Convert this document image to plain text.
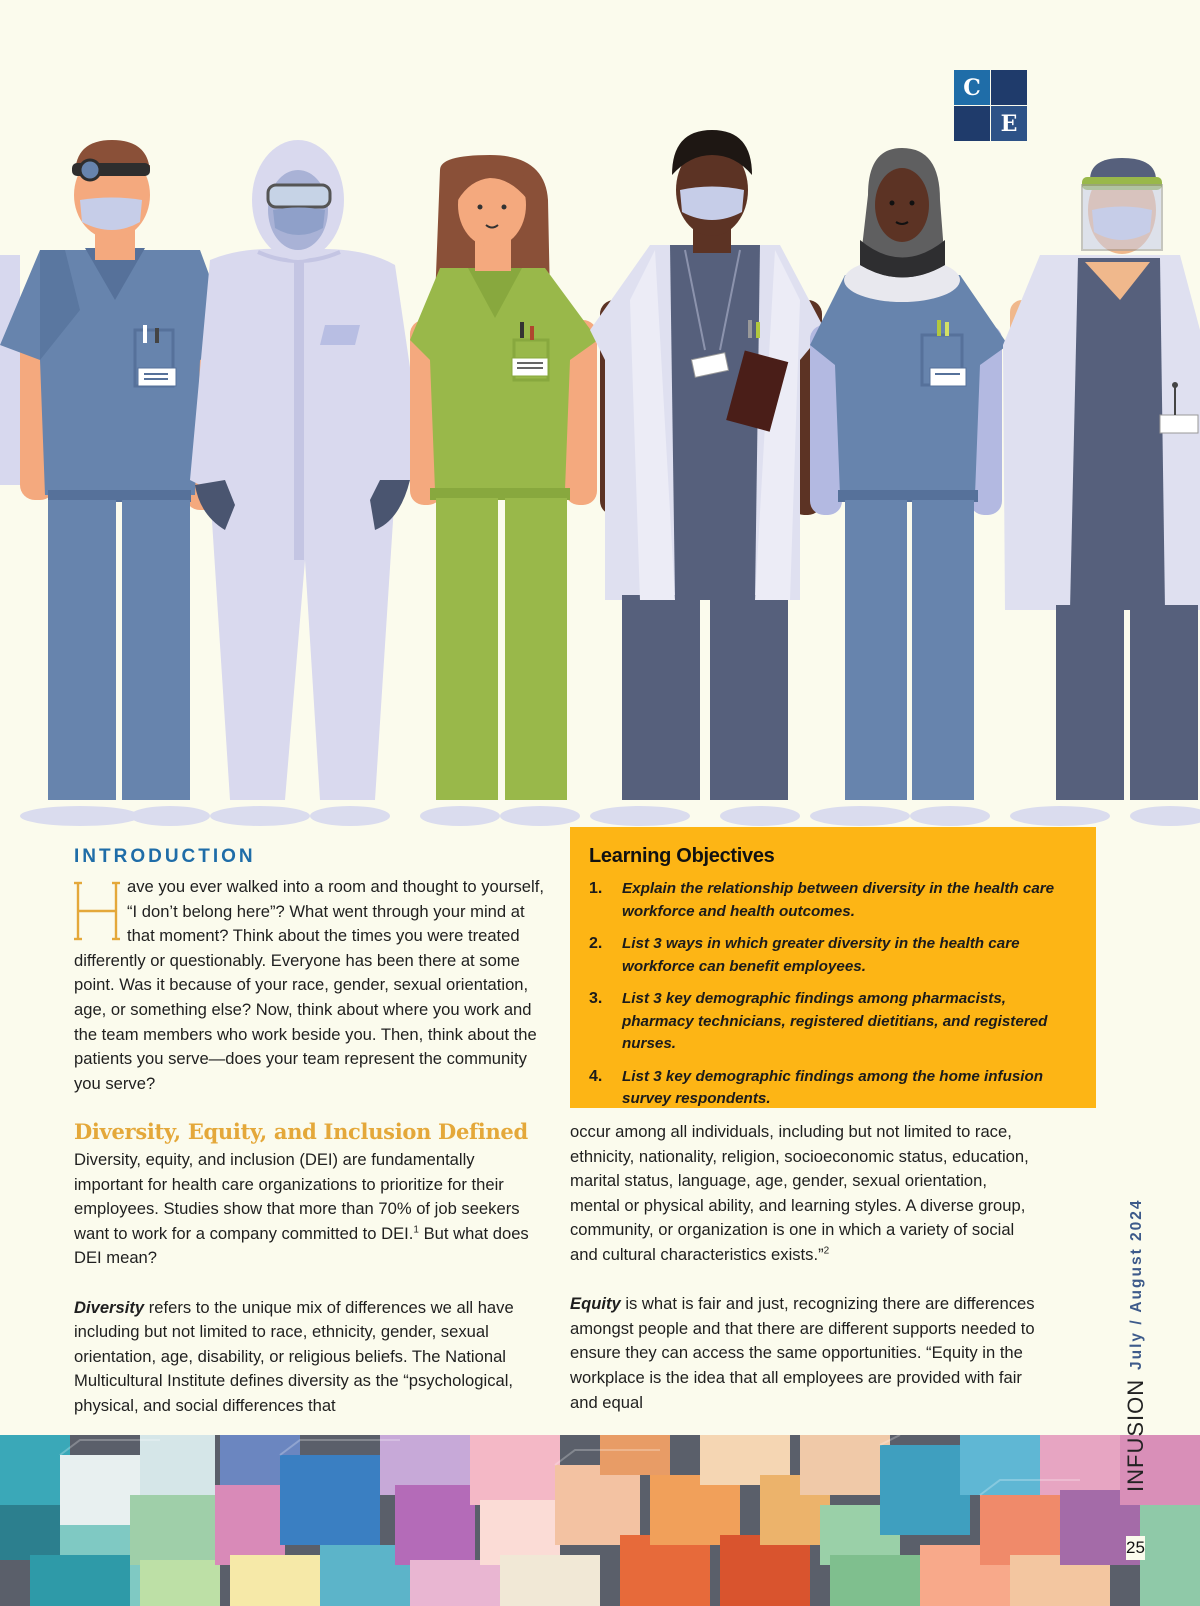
C
E
INTRODUCTION

ave you ever walked into a room and thought to yourself, “I don’t belong here”? What went through your mind at that moment? Think about the times you were treated differently or questionably. Everyone has been there at some point. Was it because of your race, gender, sexual orientation, age, or something else? Now, think about where you work and the team members who work beside you. Then, think about the patients you serve—does your team represent the community you serve?

Diversity, Equity, and Inclusion Defined

Diversity, equity, and inclusion (DEI) are fundamentally important for health care organizations to prioritize for their employees. Studies show that more than 70% of job seekers want to work for a company committed to DEI.$^1$ But what does DEI mean?

Diversity refers to the unique mix of differences we all have including but not limited to race, ethnicity, gender, sexual orientation, age, disability, or religious beliefs. The National Multicultural Institute defines diversity as the “psychological, physical, and social differences that

Learning Objectives
1. Explain the relationship between diversity in the health care workforce and health outcomes.
2. List 3 ways in which greater diversity in the health care workforce can benefit employees.
3. List 3 key demographic findings among pharmacists, pharmacy technicians, registered dietitians, and registered nurses.
4. List 3 key demographic findings among the home infusion survey respondents.

occur among all individuals, including but not limited to race, ethnicity, nationality, religion, socioeconomic status, education, marital status, language, age, gender, sexual orientation, mental or physical ability, and learning styles. A diverse group, community, or organization is one in which a variety of social and cultural characteristics exists.”$^2$

Equity is what is fair and just, recognizing there are differences amongst people and that there are different supports needed to ensure they can access the same opportunities. “Equity in the workplace is the idea that all employees are provided with fair and equal

July / August 2024
INFUSION
25
